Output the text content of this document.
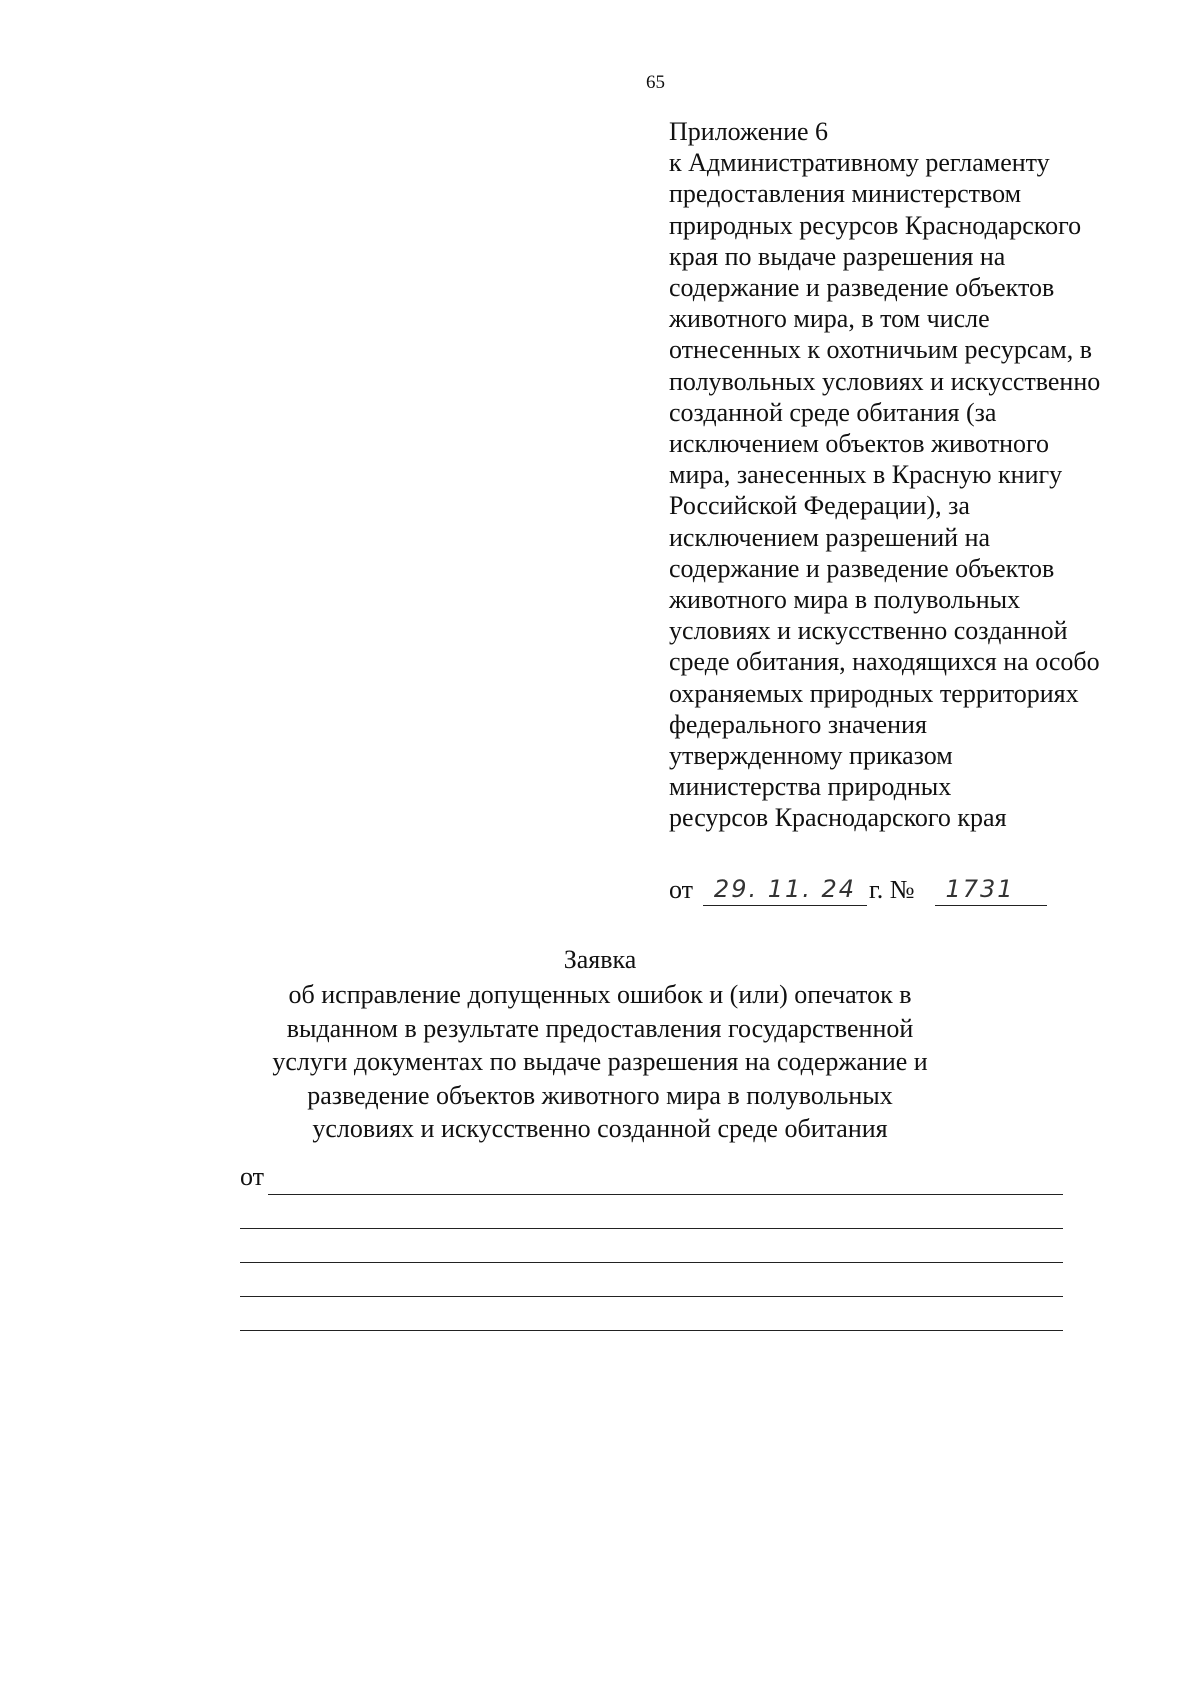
65
Приложение 6
к Административному регламенту
предоставления министерством
природных ресурсов Краснодарского
края по выдаче разрешения на
содержание и разведение объектов
животного мира, в том числе
отнесенных к охотничьим ресурсам, в
полувольных условиях и искусственно
созданной среде обитания (за
исключением объектов животного
мира, занесенных в Красную книгу
Российской Федерации), за
исключением разрешений на
содержание и разведение объектов
животного мира в полувольных
условиях и искусственно созданной
среде обитания, находящихся на особо
охраняемых природных территориях
федерального значения
утвержденному приказом
министерства природных
ресурсов Краснодарского края
от 29. 11. 24 г. №	1731
Заявка
об исправление допущенных ошибок и (или) опечаток в
выданном в результате предоставления государственной
услуги документах по выдаче разрешения на содержание и
разведение объектов животного мира в полувольных
условиях и искусственно созданной среде обитания
от
